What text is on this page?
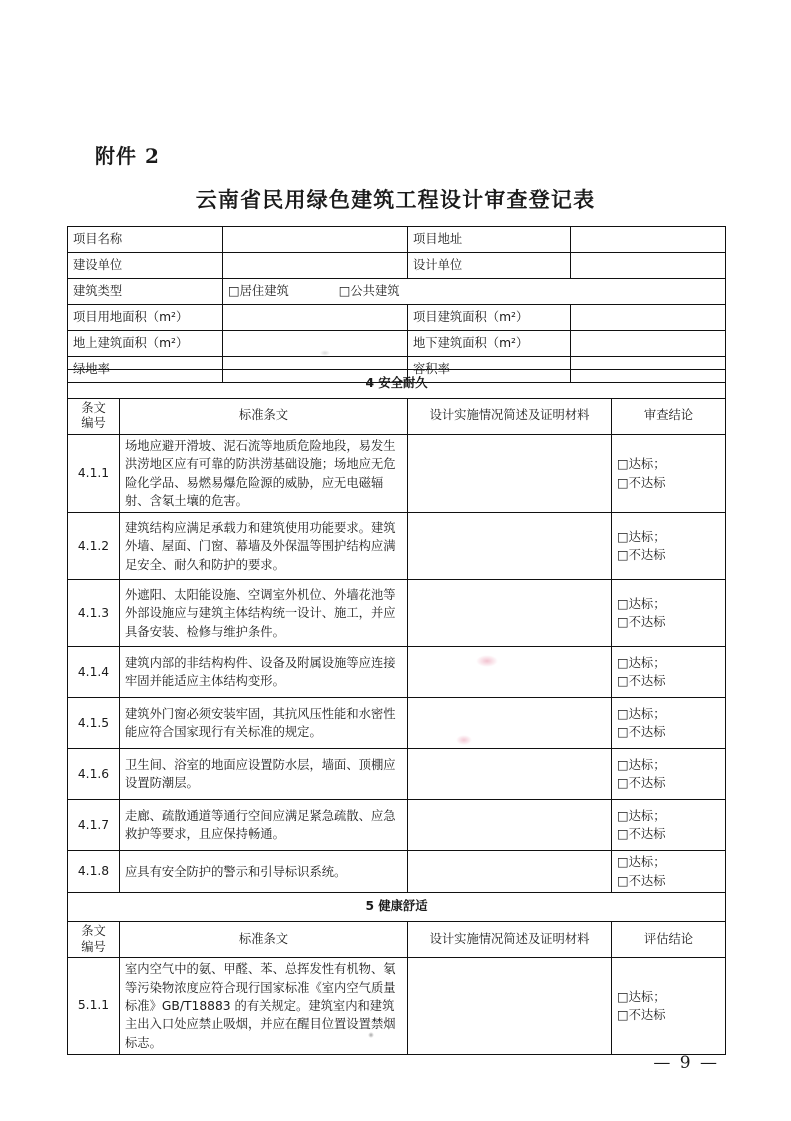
附件 2
云南省民用绿色建筑工程设计审查登记表
项目名称		项目地址	
建设单位		设计单位	
建筑类型	□居住建筑 □公共建筑		
项目用地面积（m²）		项目建筑面积（m²）	
地上建筑面积（m²）		地下建筑面积（m²）	
绿地率		容积率	
4 安全耐久			
条文
编号	标准条文	设计实施情况简述及证明材料	审查结论
4.1.1	场地应避开滑坡、泥石流等地质危险地段，易发生洪涝地区应有可靠的防洪涝基础设施；场地应无危险化学品、易燃易爆危险源的威胁，应无电磁辐射、含氡土壤的危害。		□达标；
□不达标

4.1.2	建筑结构应满足承载力和建筑使用功能要求。建筑外墙、屋面、门窗、幕墙及外保温等围护结构应满足安全、耐久和防护的要求。		□达标；
□不达标

4.1.3	外遮阳、太阳能设施、空调室外机位、外墙花池等外部设施应与建筑主体结构统一设计、施工，并应具备安装、检修与维护条件。		□达标；
□不达标

4.1.4	建筑内部的非结构构件、设备及附属设施等应连接牢固并能适应主体结构变形。		□达标；
□不达标

4.1.5	建筑外门窗必须安装牢固，其抗风压性能和水密性能应符合国家现行有关标准的规定。		□达标；
□不达标

4.1.6	卫生间、浴室的地面应设置防水层，墙面、顶棚应设置防潮层。		□达标；
□不达标

4.1.7	走廊、疏散通道等通行空间应满足紧急疏散、应急救护等要求，且应保持畅通。		□达标；
□不达标

4.1.8	应具有安全防护的警示和引导标识系统。		□达标；
□不达标

5 健康舒适			
条文
编号	标准条文	设计实施情况简述及证明材料	评估结论
5.1.1	室内空气中的氨、甲醛、苯、总挥发性有机物、氡等污染物浓度应符合现行国家标准《室内空气质量标准》GB/T18883 的有关规定。建筑室内和建筑主出入口处应禁止吸烟，并应在醒目位置设置禁烟标志。		□达标；
□不达标
— 9 —
